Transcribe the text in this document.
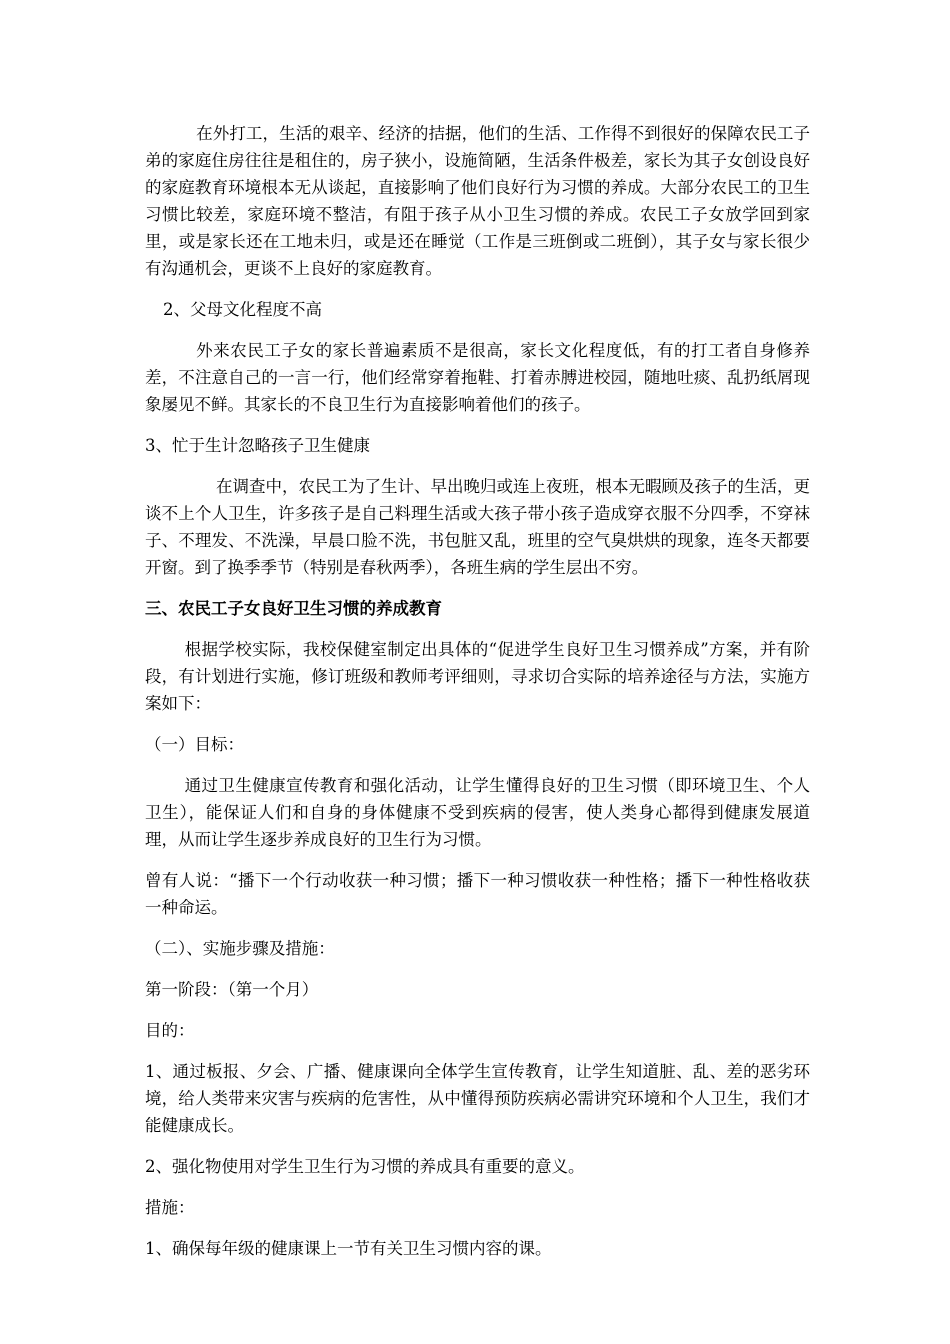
在外打工，生活的艰辛、经济的拮据，他们的生活、工作得不到很好的保障农民工子弟的家庭住房往往是租住的，房子狭小，设施简陋，生活条件极差，家长为其子女创设良好的家庭教育环境根本无从谈起，直接影响了他们良好行为习惯的养成。大部分农民工的卫生习惯比较差，家庭环境不整洁，有阻于孩子从小卫生习惯的养成。农民工子女放学回到家里，或是家长还在工地未归，或是还在睡觉（工作是三班倒或二班倒），其子女与家长很少有沟通机会，更谈不上良好的家庭教育。

2、父母文化程度不高

外来农民工子女的家长普遍素质不是很高，家长文化程度低，有的打工者自身修养差，不注意自己的一言一行，他们经常穿着拖鞋、打着赤膊进校园，随地吐痰、乱扔纸屑现象屡见不鲜。其家长的不良卫生行为直接影响着他们的孩子。

3、忙于生计忽略孩子卫生健康

在调查中，农民工为了生计、早出晚归或连上夜班，根本无暇顾及孩子的生活，更谈不上个人卫生，许多孩子是自己料理生活或大孩子带小孩子造成穿衣服不分四季，不穿袜子、不理发、不洗澡，早晨口脸不洗，书包脏又乱，班里的空气臭烘烘的现象，连冬天都要开窗。到了换季季节（特别是春秋两季），各班生病的学生层出不穷。

三、农民工子女良好卫生习惯的养成教育

根据学校实际，我校保健室制定出具体的“促进学生良好卫生习惯养成”方案，并有阶段，有计划进行实施，修订班级和教师考评细则，寻求切合实际的培养途径与方法，实施方案如下：

（一）目标：

通过卫生健康宣传教育和强化活动，让学生懂得良好的卫生习惯（即环境卫生、个人卫生），能保证人们和自身的身体健康不受到疾病的侵害，使人类身心都得到健康发展道理，从而让学生逐步养成良好的卫生行为习惯。

曾有人说：“播下一个行动收获一种习惯；播下一种习惯收获一种性格；播下一种性格收获一种命运。

（二）、实施步骤及措施：

第一阶段：（第一个月）

目的：

1、通过板报、夕会、广播、健康课向全体学生宣传教育，让学生知道脏、乱、差的恶劣环境，给人类带来灾害与疾病的危害性，从中懂得预防疾病必需讲究环境和个人卫生，我们才能健康成长。

2、强化物使用对学生卫生行为习惯的养成具有重要的意义。

措施：

1、确保每年级的健康课上一节有关卫生习惯内容的课。
